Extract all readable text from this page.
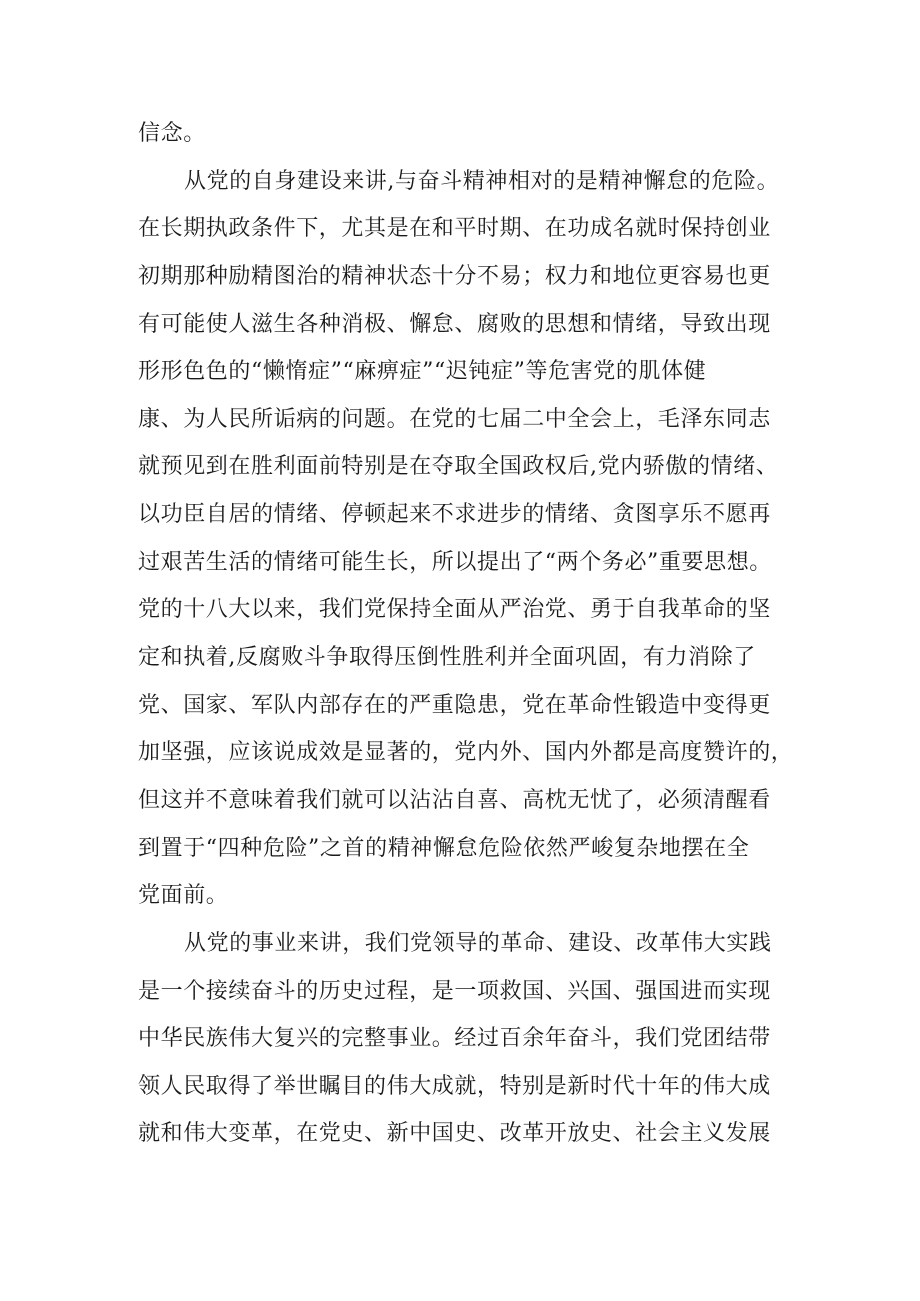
信念。
从党的自身建设来讲,与奋斗精神相对的是精神懈怠的危险。
在长期执政条件下，尤其是在和平时期、在功成名就时保持创业
初期那种励精图治的精神状态十分不易；权力和地位更容易也更
有可能使人滋生各种消极、懈怠、腐败的思想和情绪，导致出现
形形色色的“懒惰症”“麻痹症”“迟钝症”等危害党的肌体健
康、为人民所诟病的问题。在党的七届二中全会上，毛泽东同志
就预见到在胜利面前特别是在夺取全国政权后,党内骄傲的情绪、
以功臣自居的情绪、停顿起来不求进步的情绪、贪图享乐不愿再
过艰苦生活的情绪可能生长，所以提出了“两个务必”重要思想。
党的十八大以来，我们党保持全面从严治党、勇于自我革命的坚
定和执着,反腐败斗争取得压倒性胜利并全面巩固，有力消除了
党、国家、军队内部存在的严重隐患，党在革命性锻造中变得更
加坚强，应该说成效是显著的，党内外、国内外都是高度赞许的，
但这并不意味着我们就可以沾沾自喜、高枕无忧了，必须清醒看
到置于“四种危险”之首的精神懈怠危险依然严峻复杂地摆在全
党面前。
从党的事业来讲，我们党领导的革命、建设、改革伟大实践
是一个接续奋斗的历史过程，是一项救国、兴国、强国进而实现
中华民族伟大复兴的完整事业。经过百余年奋斗，我们党团结带
领人民取得了举世瞩目的伟大成就，特别是新时代十年的伟大成
就和伟大变革，在党史、新中国史、改革开放史、社会主义发展
